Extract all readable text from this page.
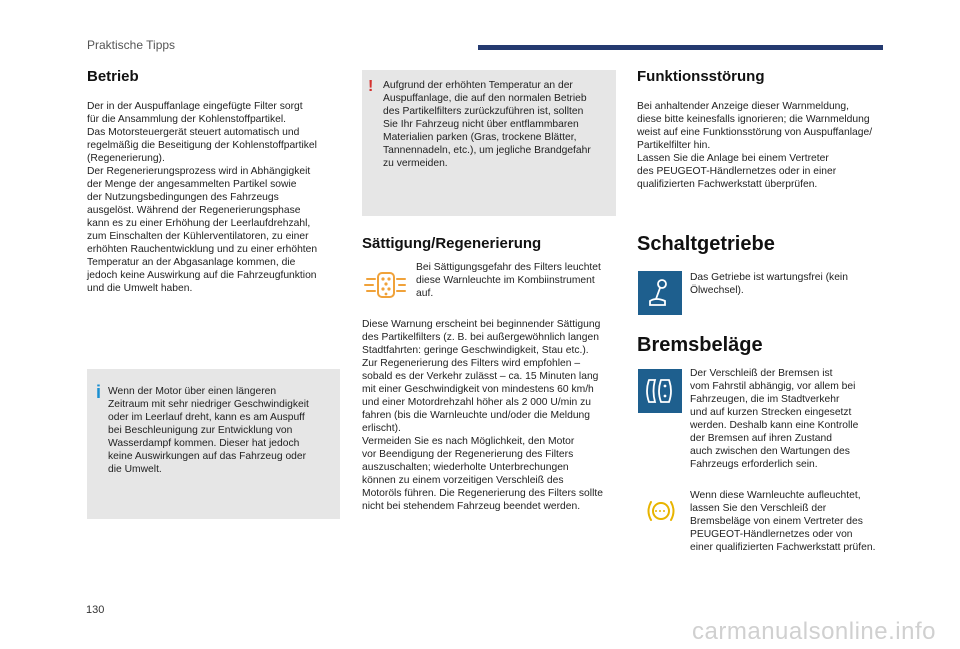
Praktische Tipps
Betrieb
Der in der Auspuffanlage eingefügte Filter sorgt
für die Ansammlung der Kohlenstoffpartikel.
Das Motorsteuergerät steuert automatisch und
regelmäßig die Beseitigung der Kohlenstoffpartikel
(Regenerierung).
Der Regenerierungsprozess wird in Abhängigkeit
der Menge der angesammelten Partikel sowie
der Nutzungsbedingungen des Fahrzeugs
ausgelöst. Während der Regenerierungsphase
kann es zu einer Erhöhung der Leerlaufdrehzahl,
zum Einschalten der Kühlerventilatoren, zu einer
erhöhten Rauchentwicklung und zu einer erhöhten
Temperatur an der Abgasanlage kommen, die
jedoch keine Auswirkung auf die Fahrzeugfunktion
und die Umwelt haben.
i Wenn der Motor über einen längeren
Zeitraum mit sehr niedriger Geschwindigkeit
oder im Leerlauf dreht, kann es am Auspuff
bei Beschleunigung zur Entwicklung von
Wasserdampf kommen. Dieser hat jedoch
keine Auswirkungen auf das Fahrzeug oder
die Umwelt.
! Aufgrund der erhöhten Temperatur an der
Auspuffanlage, die auf den normalen Betrieb
des Partikelfilters zurückzuführen ist, sollten
Sie Ihr Fahrzeug nicht über entflammbaren
Materialien parken (Gras, trockene Blätter,
Tannennadeln, etc.), um jegliche Brandgefahr
zu vermeiden.
Sättigung/Regenerierung
Bei Sättigungsgefahr des Filters leuchtet
diese Warnleuchte im Kombiinstrument
auf.
Diese Warnung erscheint bei beginnender Sättigung
des Partikelfilters (z. B. bei außergewöhnlich langen
Stadtfahrten: geringe Geschwindigkeit, Stau etc.).
Zur Regenerierung des Filters wird empfohlen –
sobald es der Verkehr zulässt – ca. 15 Minuten lang
mit einer Geschwindigkeit von mindestens 60 km/h
und einer Motordrehzahl höher als 2 000 U/min zu
fahren (bis die Warnleuchte und/oder die Meldung
erlischt).
Vermeiden Sie es nach Möglichkeit, den Motor
vor Beendigung der Regenerierung des Filters
auszuschalten; wiederholte Unterbrechungen
können zu einem vorzeitigen Verschleiß des
Motoröls führen. Die Regenerierung des Filters sollte
nicht bei stehendem Fahrzeug beendet werden.
Funktionsstörung
Bei anhaltender Anzeige dieser Warnmeldung,
diese bitte keinesfalls ignorieren; die Warnmeldung
weist auf eine Funktionsstörung von Auspuffanlage/
Partikelfilter hin.
Lassen Sie die Anlage bei einem Vertreter
des PEUGEOT-Händlernetzes oder in einer
qualifizierten Fachwerkstatt überprüfen.
Schaltgetriebe
Das Getriebe ist wartungsfrei (kein
Ölwechsel).
Bremsbeläge
Der Verschleiß der Bremsen ist
vom Fahrstil abhängig, vor allem bei
Fahrzeugen, die im Stadtverkehr
und auf kurzen Strecken eingesetzt
werden. Deshalb kann eine Kontrolle
der Bremsen auf ihren Zustand
auch zwischen den Wartungen des
Fahrzeugs erforderlich sein.
Wenn diese Warnleuchte aufleuchtet,
lassen Sie den Verschleiß der
Bremsbeläge von einem Vertreter des
PEUGEOT-Händlernetzes oder von
einer qualifizierten Fachwerkstatt prüfen.
130
carmanualsonline.info
